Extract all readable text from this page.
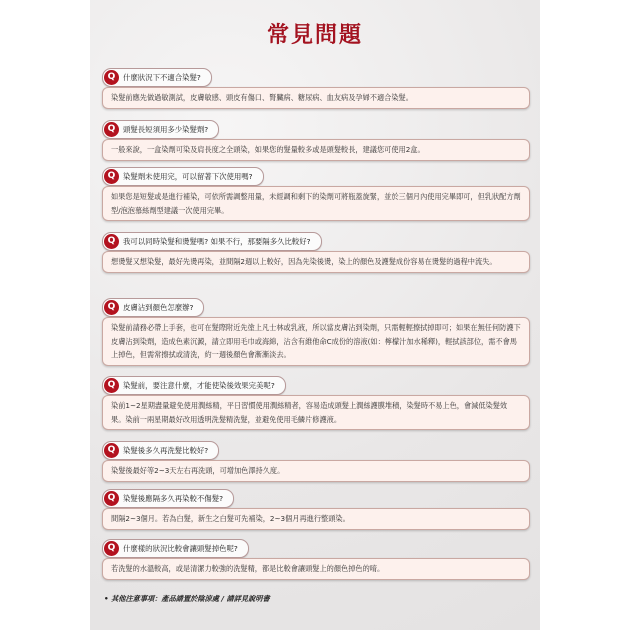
常見問題
Q	什麼狀況下不適合染髮?
染髮前應先做過敏測試，皮膚敏感、頭皮有傷口、腎臟病、糖尿病、血友病及孕婦不適合染髮。
Q	頭髮長短須用多少染髮劑?
一般來說，一盒染劑可染及肩長度之全頭染，如果您的髮量較多或是頭髮較長，建議您可使用2盒。
Q	染髮劑未使用完，可以留著下次使用嗎?
如果您是短髮或是進行補染，可依所需調整用量，未經調和剩下的染劑可將瓶蓋旋緊，並於三個月內使用完畢即可，但乳狀配方劑型/泡泡慕絲劑型建議一次使用完畢。
Q	我可以同時染髮和燙髮嗎? 如果不行，那要隔多久比較好?
想燙髮又想染髮，最好先燙再染，並間隔2週以上較好，因為先染後燙，染上的顏色及護髮成份容易在燙髮的過程中流失。
Q	皮膚沾到顏色怎麼辦?
染髮前請務必帶上手套，也可在髮際附近先塗上凡士林或乳液，所以當皮膚沾到染劑，只需輕輕擦拭掉即可；如果在無任何防護下皮膚沾到染劑，造成色素沉澱，請立即用毛巾或海綿，沾含有維他命C成份的溶液(如：檸檬汁加水稀釋)，輕拭該部位，需不會馬上掉色，但需常擦拭或清洗，約一週後顏色會漸漸淡去。
Q	染髮前，要注意什麼，才能使染後效果完美呢?
染前1~2星期盡量避免使用潤絲精，平日習慣使用潤絲精者，容易造成頭髮上潤絲護膜堆積，染髮時不易上色，會減低染髮效果。染前一兩星期最好改用透明洗髮精洗髮，並避免使用毛鱗片修護液。
Q	染髮後多久再洗髮比較好?
染髮後最好等2~3天左右再洗頭，可增加色澤持久度。
Q	染髮後應隔多久再染較不傷髮?
間隔2~3個月。若為白髮，新生之白髮可先補染，2~3個月再進行整頭染。
Q	什麼樣的狀況比較會讓頭髮掉色呢?
若洗髮的水溫較高，或是清潔力較強的洗髮精，都是比較會讓頭髮上的顏色掉色的唷。
• 其他注意事項：產品請置於陰涼處 / 請詳見說明書
